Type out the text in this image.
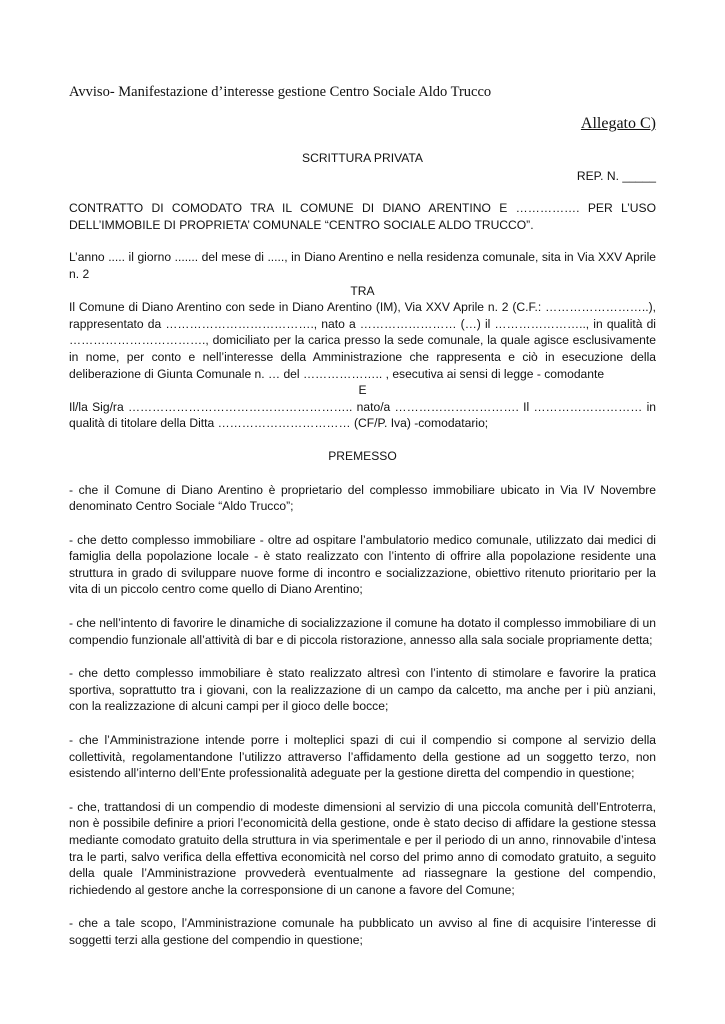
Avviso- Manifestazione d’interesse gestione Centro Sociale Aldo Trucco
Allegato C)

SCRITTURA PRIVATA

REP. N. _____

CONTRATTO DI COMODATO TRA IL COMUNE DI DIANO ARENTINO E ……………. PER L’USO DELL’IMMOBILE DI PROPRIETA’ COMUNALE “CENTRO SOCIALE ALDO TRUCCO”.

L’anno ..... il giorno ....... del mese di ....., in Diano Arentino e nella residenza comunale, sita in Via XXV Aprile n. 2

TRA

Il Comune di Diano Arentino con sede in Diano Arentino (IM), Via XXV Aprile n. 2 (C.F.: ……………………..), rappresentato da ………………………………., nato a …………………… (…) il ………………….., in qualità di ……………………………., domiciliato per la carica presso la sede comunale, la quale agisce esclusivamente in nome, per conto e nell’interesse della Amministrazione che rappresenta e ciò in esecuzione della deliberazione di Giunta Comunale n. … del ……………….. , esecutiva ai sensi di legge - comodante

E

Il/la Sig/ra ……………………………………………….. nato/a …………………………. Il ……………………… in qualità di titolare della Ditta …………………………… (CF/P. Iva) -comodatario;

PREMESSO

- che il Comune di Diano Arentino è proprietario del complesso immobiliare ubicato in Via IV Novembre denominato Centro Sociale “Aldo Trucco”;

- che detto complesso immobiliare - oltre ad ospitare l’ambulatorio medico comunale, utilizzato dai medici di famiglia della popolazione locale - è stato realizzato con l’intento di offrire alla popolazione residente una struttura in grado di sviluppare nuove forme di incontro e socializzazione, obiettivo ritenuto prioritario per la vita di un piccolo centro come quello di Diano Arentino;

- che nell’intento di favorire le dinamiche di socializzazione il comune ha dotato il complesso immobiliare di un compendio funzionale all’attività di bar e di piccola ristorazione, annesso alla sala sociale propriamente detta;

- che detto complesso immobiliare è stato realizzato altresì con l’intento di stimolare e favorire la pratica sportiva, soprattutto tra i giovani, con la realizzazione di un campo da calcetto, ma anche per i più anziani, con la realizzazione di alcuni campi per il gioco delle bocce;

- che l’Amministrazione intende porre i molteplici spazi di cui il compendio si compone al servizio della collettività, regolamentandone l’utilizzo attraverso l’affidamento della gestione ad un soggetto terzo, non esistendo all’interno dell’Ente professionalità adeguate per la gestione diretta del compendio in questione;

- che, trattandosi di un compendio di modeste dimensioni al servizio di una piccola comunità dell’Entroterra, non è possibile definire a priori l’economicità della gestione, onde è stato deciso di affidare la gestione stessa mediante comodato gratuito della struttura in via sperimentale e per il periodo di un anno, rinnovabile d’intesa tra le parti, salvo verifica della effettiva economicità nel corso del primo anno di comodato gratuito, a seguito della quale l’Amministrazione provvederà eventualmente ad riassegnare la gestione del compendio, richiedendo al gestore anche la corresponsione di un canone a favore del Comune;

- che a tale scopo, l’Amministrazione comunale ha pubblicato un avviso al fine di acquisire l’interesse di soggetti terzi alla gestione del compendio in questione;
